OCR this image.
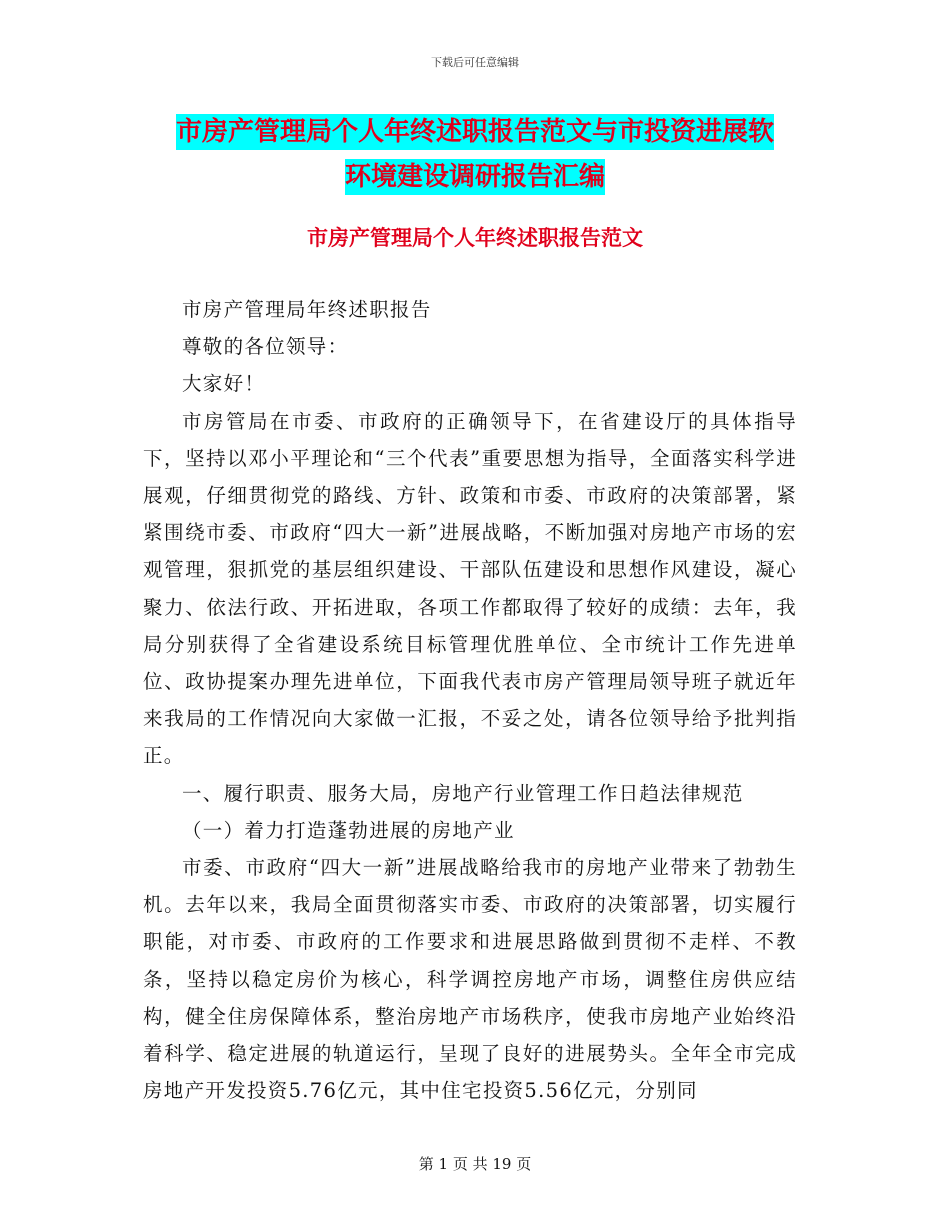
下载后可任意编辑
市房产管理局个人年终述职报告范文与市投资进展软
环境建设调研报告汇编
市房产管理局个人年终述职报告范文

市房产管理局年终述职报告

尊敬的各位领导：

大家好！

市房管局在市委、市政府的正确领导下，在省建设厅的具体指导下，坚持以邓小平理论和“三个代表”重要思想为指导，全面落实科学进展观，仔细贯彻党的路线、方针、政策和市委、市政府的决策部署，紧紧围绕市委、市政府“四大一新”进展战略，不断加强对房地产市场的宏观管理，狠抓党的基层组织建设、干部队伍建设和思想作风建设，凝心聚力、依法行政、开拓进取，各项工作都取得了较好的成绩：去年，我局分别获得了全省建设系统目标管理优胜单位、全市统计工作先进单位、政协提案办理先进单位，下面我代表市房产管理局领导班子就近年来我局的工作情况向大家做一汇报，不妥之处，请各位领导给予批判指正。

一、履行职责、服务大局，房地产行业管理工作日趋法律规范

（一）着力打造蓬勃进展的房地产业

市委、市政府“四大一新”进展战略给我市的房地产业带来了勃勃生机。去年以来，我局全面贯彻落实市委、市政府的决策部署，切实履行职能，对市委、市政府的工作要求和进展思路做到贯彻不走样、不教条，坚持以稳定房价为核心，科学调控房地产市场，调整住房供应结构，健全住房保障体系，整治房地产市场秩序，使我市房地产业始终沿着科学、稳定进展的轨道运行，呈现了良好的进展势头。全年全市完成房地产开发投资5.76亿元，其中住宅投资5.56亿元，分别同

第 1 页 共 19 页
